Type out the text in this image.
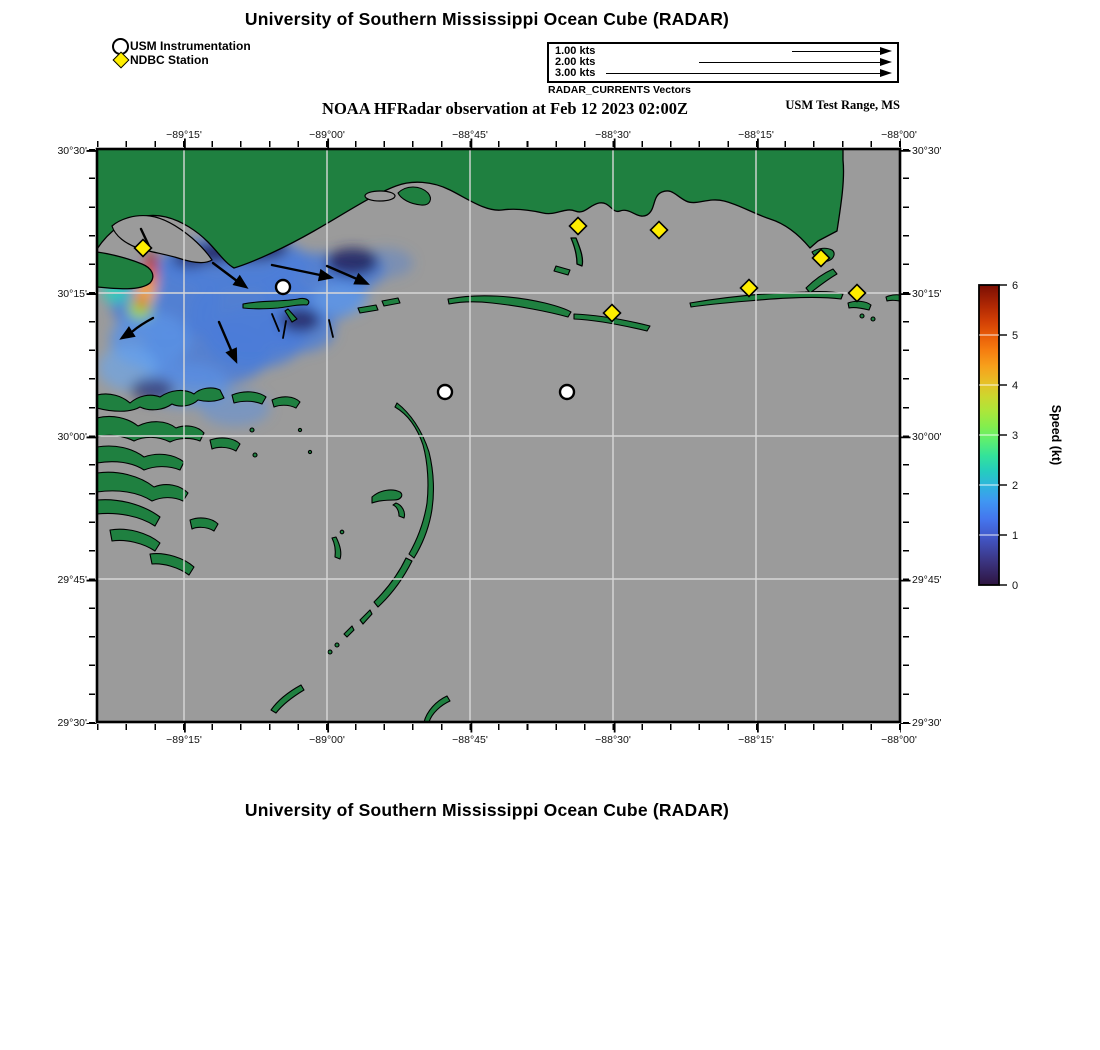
University of Southern Mississippi Ocean Cube (RADAR)
USM Instrumentation
NDBC Station
1.00 kts
2.00 kts
3.00 kts
RADAR_CURRENTS Vectors
NOAA HFRadar observation at Feb 12 2023 02:00Z	USM Test Range, MS
−89°15'	−89°00'	−88°45'	−88°30'	−88°15'	−88°00'
−89°15'	−89°00'	−88°45'	−88°30'	−88°15'	−88°00'
30°30'
30°15'
30°00'
29°45'
29°30'
30°30'
30°15'
30°00'
29°45'
29°30'
0
1
2
3
4
5
6
Speed (kt)
University of Southern Mississippi Ocean Cube (RADAR)
